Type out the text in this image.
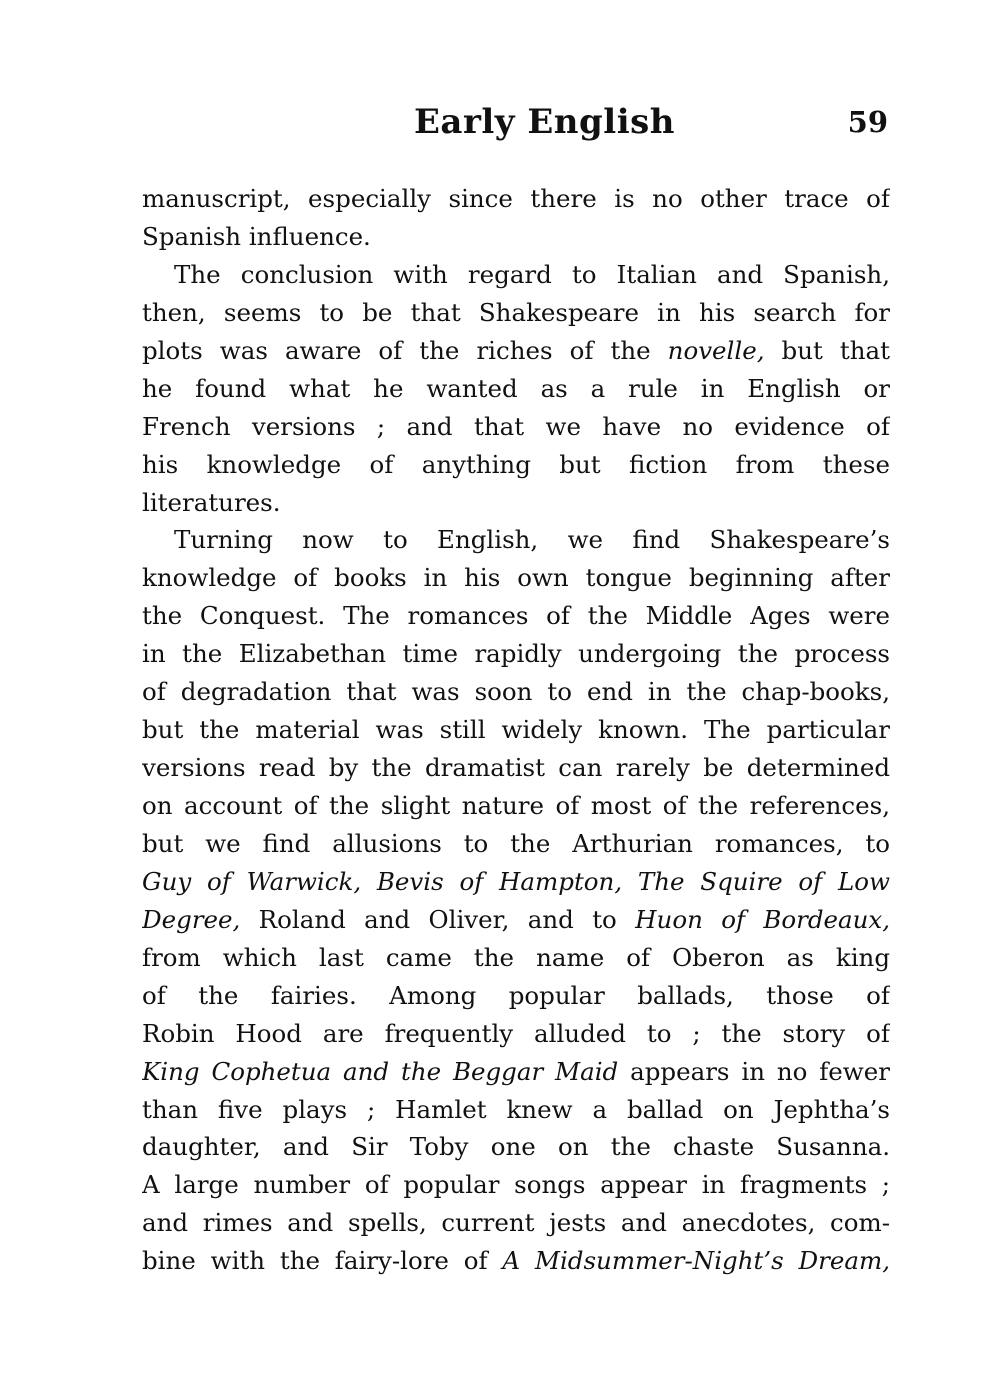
Early English	59
manuscript, especially since there is no other trace of
Spanish influence.
The conclusion with regard to Italian and Spanish,
then, seems to be that Shakespeare in his search for
plots was aware of the riches of the novelle, but that
he found what he wanted as a rule in English or
French versions ; and that we have no evidence of
his knowledge of anything but fiction from these
literatures.
Turning now to English, we find Shakespeare’s
knowledge of books in his own tongue beginning after
the Conquest. The romances of the Middle Ages were
in the Elizabethan time rapidly undergoing the process
of degradation that was soon to end in the chap-books,
but the material was still widely known. The particular
versions read by the dramatist can rarely be determined
on account of the slight nature of most of the references,
but we find allusions to the Arthurian romances, to
Guy of Warwick, Bevis of Hampton, The Squire of Low
Degree, Roland and Oliver, and to Huon of Bordeaux,
from which last came the name of Oberon as king
of the fairies. Among popular ballads, those of
Robin Hood are frequently alluded to ; the story of
King Cophetua and the Beggar Maid appears in no fewer
than five plays ; Hamlet knew a ballad on Jephtha’s
daughter, and Sir Toby one on the chaste Susanna.
A large number of popular songs appear in fragments ;
and rimes and spells, current jests and anecdotes, com-
bine with the fairy-lore of A Midsummer-Night’s Dream,
